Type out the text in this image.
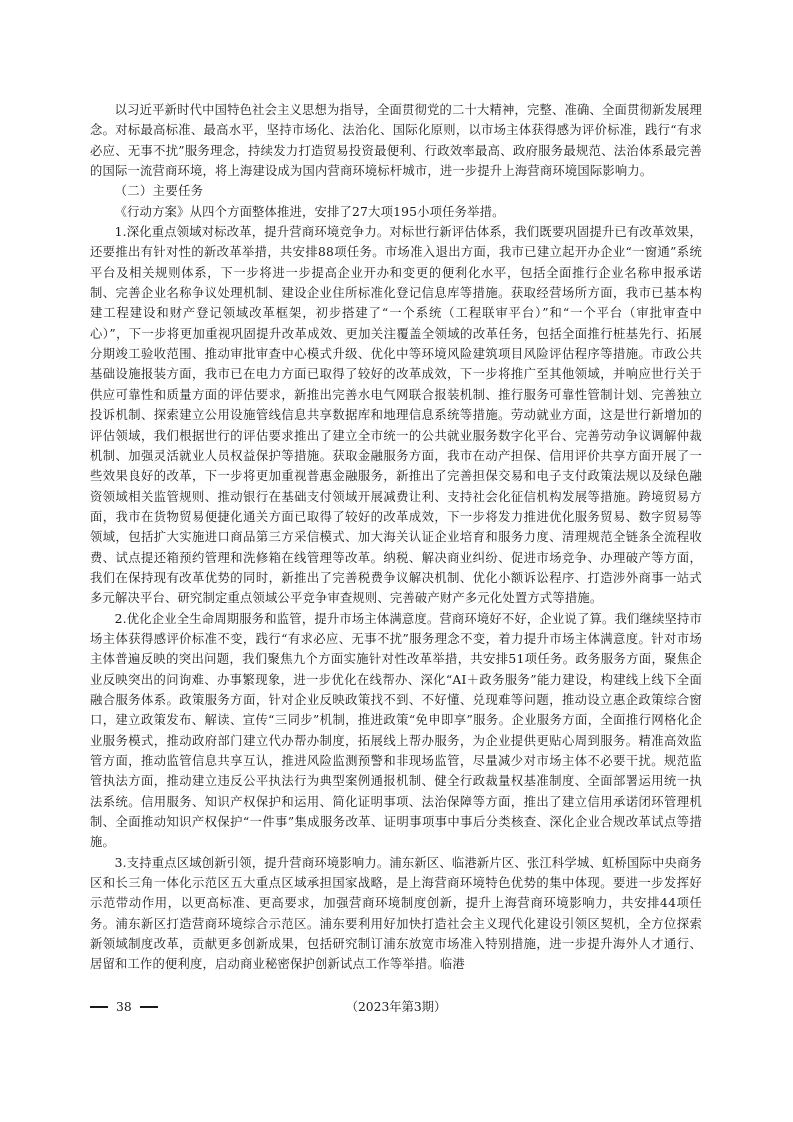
以习近平新时代中国特色社会主义思想为指导，全面贯彻党的二十大精神，完整、准确、全面贯彻新发展理念。对标最高标准、最高水平，坚持市场化、法治化、国际化原则，以市场主体获得感为评价标准，践行“有求必应、无事不扰”服务理念，持续发力打造贸易投资最便利、行政效率最高、政府服务最规范、法治体系最完善的国际一流营商环境，将上海建设成为国内营商环境标杆城市，进一步提升上海营商环境国际影响力。

（二）主要任务

《行动方案》从四个方面整体推进，安排了27大项195小项任务举措。

1.深化重点领域对标改革，提升营商环境竞争力。对标世行新评估体系，我们既要巩固提升已有改革效果，还要推出有针对性的新改革举措，共安排88项任务。市场准入退出方面，我市已建立起开办企业“一窗通”系统平台及相关规则体系，下一步将进一步提高企业开办和变更的便利化水平，包括全面推行企业名称申报承诺制、完善企业名称争议处理机制、建设企业住所标准化登记信息库等措施。获取经营场所方面，我市已基本构建工程建设和财产登记领域改革框架，初步搭建了“一个系统（工程联审平台）”和“一个平台（审批审查中心）”，下一步将更加重视巩固提升改革成效、更加关注覆盖全领域的改革任务，包括全面推行桩基先行、拓展分期竣工验收范围、推动审批审查中心模式升级、优化中等环境风险建筑项目风险评估程序等措施。市政公共基础设施报装方面，我市已在电力方面已取得了较好的改革成效，下一步将推广至其他领域，并响应世行关于供应可靠性和质量方面的评估要求，新推出完善水电气网联合报装机制、推行服务可靠性管制计划、完善独立投诉机制、探索建立公用设施管线信息共享数据库和地理信息系统等措施。劳动就业方面，这是世行新增加的评估领域，我们根据世行的评估要求推出了建立全市统一的公共就业服务数字化平台、完善劳动争议调解仲裁机制、加强灵活就业人员权益保护等措施。获取金融服务方面，我市在动产担保、信用评价共享方面开展了一些效果良好的改革，下一步将更加重视普惠金融服务，新推出了完善担保交易和电子支付政策法规以及绿色融资领域相关监管规则、推动银行在基础支付领域开展减费让利、支持社会化征信机构发展等措施。跨境贸易方面，我市在货物贸易便捷化通关方面已取得了较好的改革成效，下一步将发力推进优化服务贸易、数字贸易等领域，包括扩大实施进口商品第三方采信模式、加大海关认证企业培育和服务力度、清理规范全链条全流程收费、试点提还箱预约管理和洗修箱在线管理等改革。纳税、解决商业纠纷、促进市场竞争、办理破产等方面，我们在保持现有改革优势的同时，新推出了完善税费争议解决机制、优化小额诉讼程序、打造涉外商事一站式多元解决平台、研究制定重点领域公平竞争审查规则、完善破产财产多元化处置方式等措施。

2.优化企业全生命周期服务和监管，提升市场主体满意度。营商环境好不好，企业说了算。我们继续坚持市场主体获得感评价标准不变，践行“有求必应、无事不扰”服务理念不变，着力提升市场主体满意度。针对市场主体普遍反映的突出问题，我们聚焦九个方面实施针对性改革举措，共安排51项任务。政务服务方面，聚焦企业反映突出的问询难、办事繁现象，进一步优化在线帮办、深化“AI＋政务服务”能力建设，构建线上线下全面融合服务体系。政策服务方面，针对企业反映政策找不到、不好懂、兑现难等问题，推动设立惠企政策综合窗口，建立政策发布、解读、宣传“三同步”机制，推进政策“免申即享”服务。企业服务方面，全面推行网格化企业服务模式，推动政府部门建立代办帮办制度，拓展线上帮办服务，为企业提供更贴心周到服务。精准高效监管方面，推动监管信息共享互认，推进风险监测预警和非现场监管，尽量减少对市场主体不必要干扰。规范监管执法方面，推动建立违反公平执法行为典型案例通报机制、健全行政裁量权基准制度、全面部署运用统一执法系统。信用服务、知识产权保护和运用、简化证明事项、法治保障等方面，推出了建立信用承诺闭环管理机制、全面推动知识产权保护“一件事”集成服务改革、证明事项事中事后分类核查、深化企业合规改革试点等措施。

3.支持重点区域创新引领，提升营商环境影响力。浦东新区、临港新片区、张江科学城、虹桥国际中央商务区和长三角一体化示范区五大重点区域承担国家战略，是上海营商环境特色优势的集中体现。要进一步发挥好示范带动作用，以更高标准、更高要求，加强营商环境制度创新，提升上海营商环境影响力，共安排44项任务。浦东新区打造营商环境综合示范区。浦东要利用好加快打造社会主义现代化建设引领区契机，全方位探索新领域制度改革，贡献更多创新成果，包括研究制订浦东放宽市场准入特别措施，进一步提升海外人才通行、居留和工作的便利度，启动商业秘密保护创新试点工作等举措。临港

38	（2023年第3期）
